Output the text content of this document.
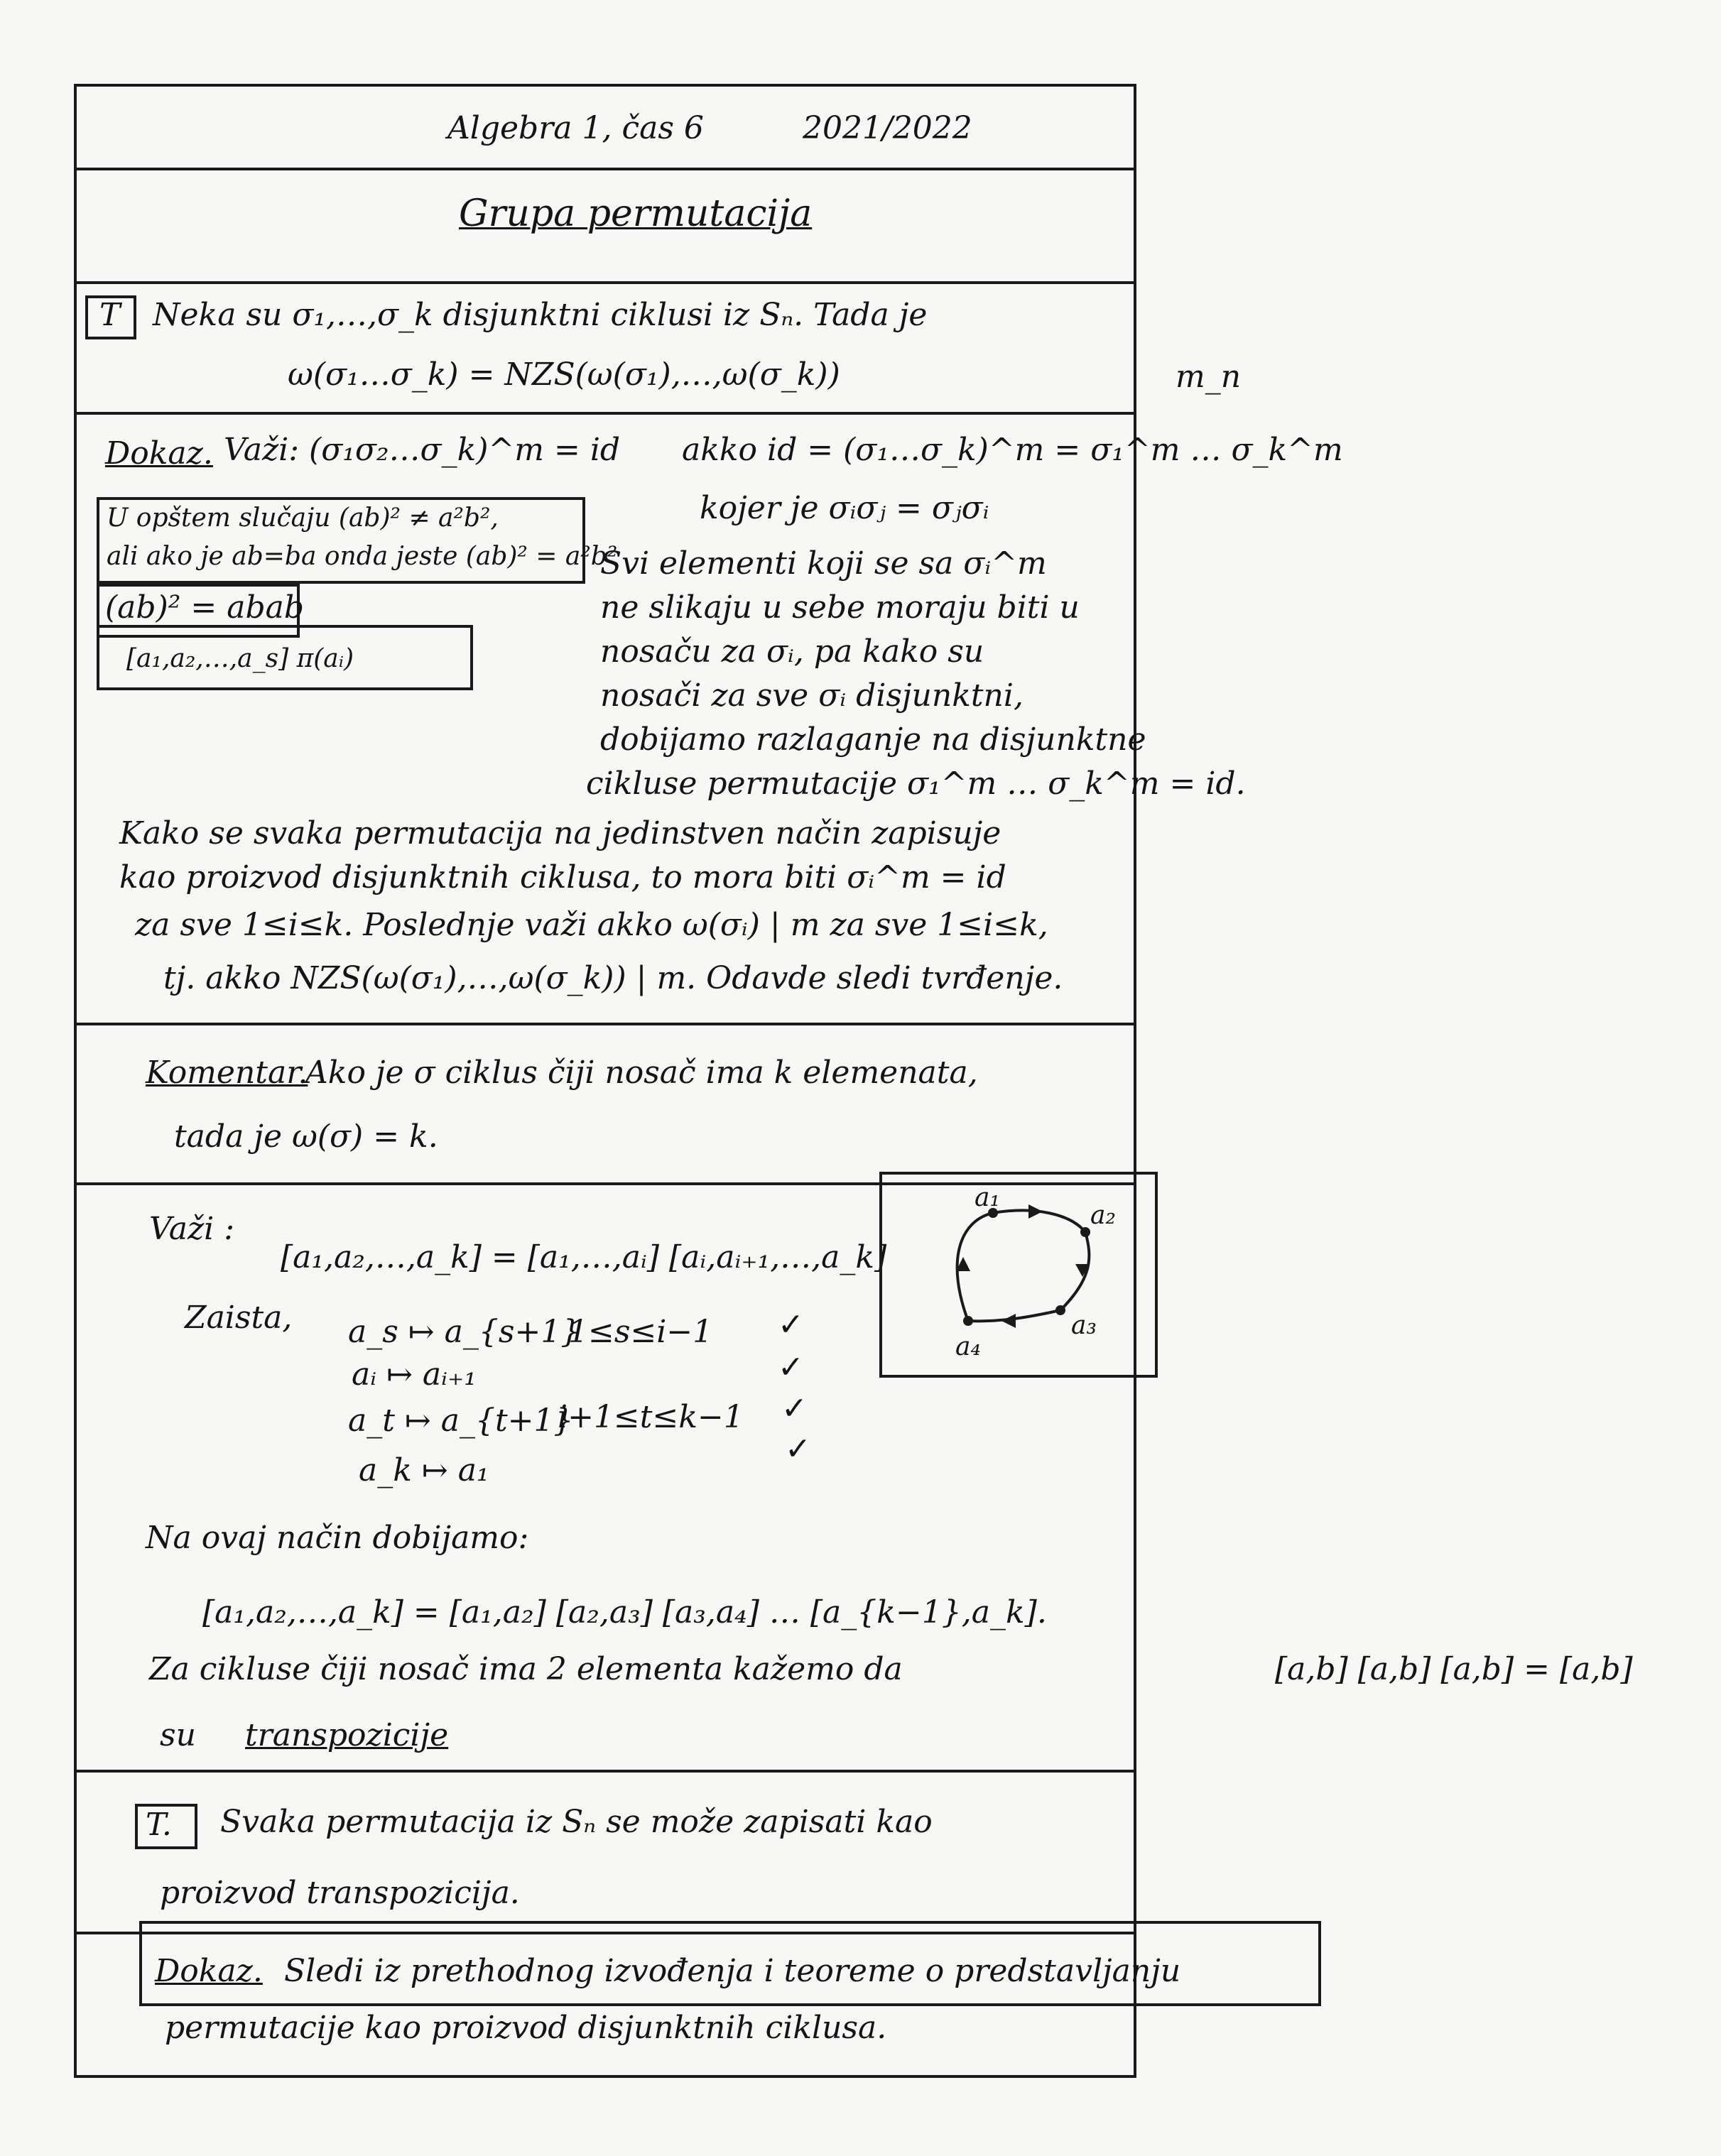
Algebra 1, čas 6	2021/2022
Grupa permutacija
T Neka su σ₁,…,σ_k disjunktni ciklusi iz Sₙ. Tada je
ω(σ₁…σ_k) = NZS(ω(σ₁),…,ω(σ_k))	m_n
Dokaz. Važi: (σ₁σ₂…σ_k)^m = id akko id = (σ₁…σ_k)^m = σ₁^m … σ_k^m
kojer je σᵢσⱼ = σⱼσᵢ
U opštem slučaju (ab)² ≠ a²b²,
ali ako je ab=ba onda jeste (ab)² = a²b²
(ab)² = abab
[a₁,a₂,…,a_s] π(aᵢ)
Svi elementi koji se sa σᵢ^m
ne slikaju u sebe moraju biti u
nosaču za σᵢ, pa kako su
nosači za sve σᵢ disjunktni,
dobijamo razlaganje na disjunktne
cikluse permutacije σ₁^m … σ_k^m = id.
Kako se svaka permutacija na jedinstven način zapisuje
kao proizvod disjunktnih ciklusa, to mora biti σᵢ^m = id
za sve 1≤i≤k. Poslednje važi akko ω(σᵢ) | m za sve 1≤i≤k,
tj. akko NZS(ω(σ₁),…,ω(σ_k)) | m. Odavde sledi tvrđenje.
Komentar.
Ako je σ ciklus čiji nosač ima k elemenata,
tada je ω(σ) = k.
Važi :
[a₁,a₂,…,a_k] = [a₁,…,aᵢ] [aᵢ,aᵢ₊₁,…,a_k]
a₁
a₂
a₃
a₄
Zaista, a_s ↦ a_{s+1}
1≤s≤i−1 ✓
aᵢ ↦ aᵢ₊₁	✓
a_t ↦ a_{t+1}
i+1≤t≤k−1 ✓
a_k ↦ a₁
✓
Na ovaj način dobijamo:
[a₁,a₂,…,a_k] = [a₁,a₂] [a₂,a₃] [a₃,a₄] … [a_{k−1},a_k].
Za cikluse čiji nosač ima 2 elementa kažemo da
su transpozicije
[a,b] [a,b] [a,b] = [a,b]
T. Svaka permutacija iz Sₙ se može zapisati kao
proizvod transpozicija.
Dokaz. Sledi iz prethodnog izvođenja i teoreme o predstavljanju
permutacije kao proizvod disjunktnih ciklusa.
